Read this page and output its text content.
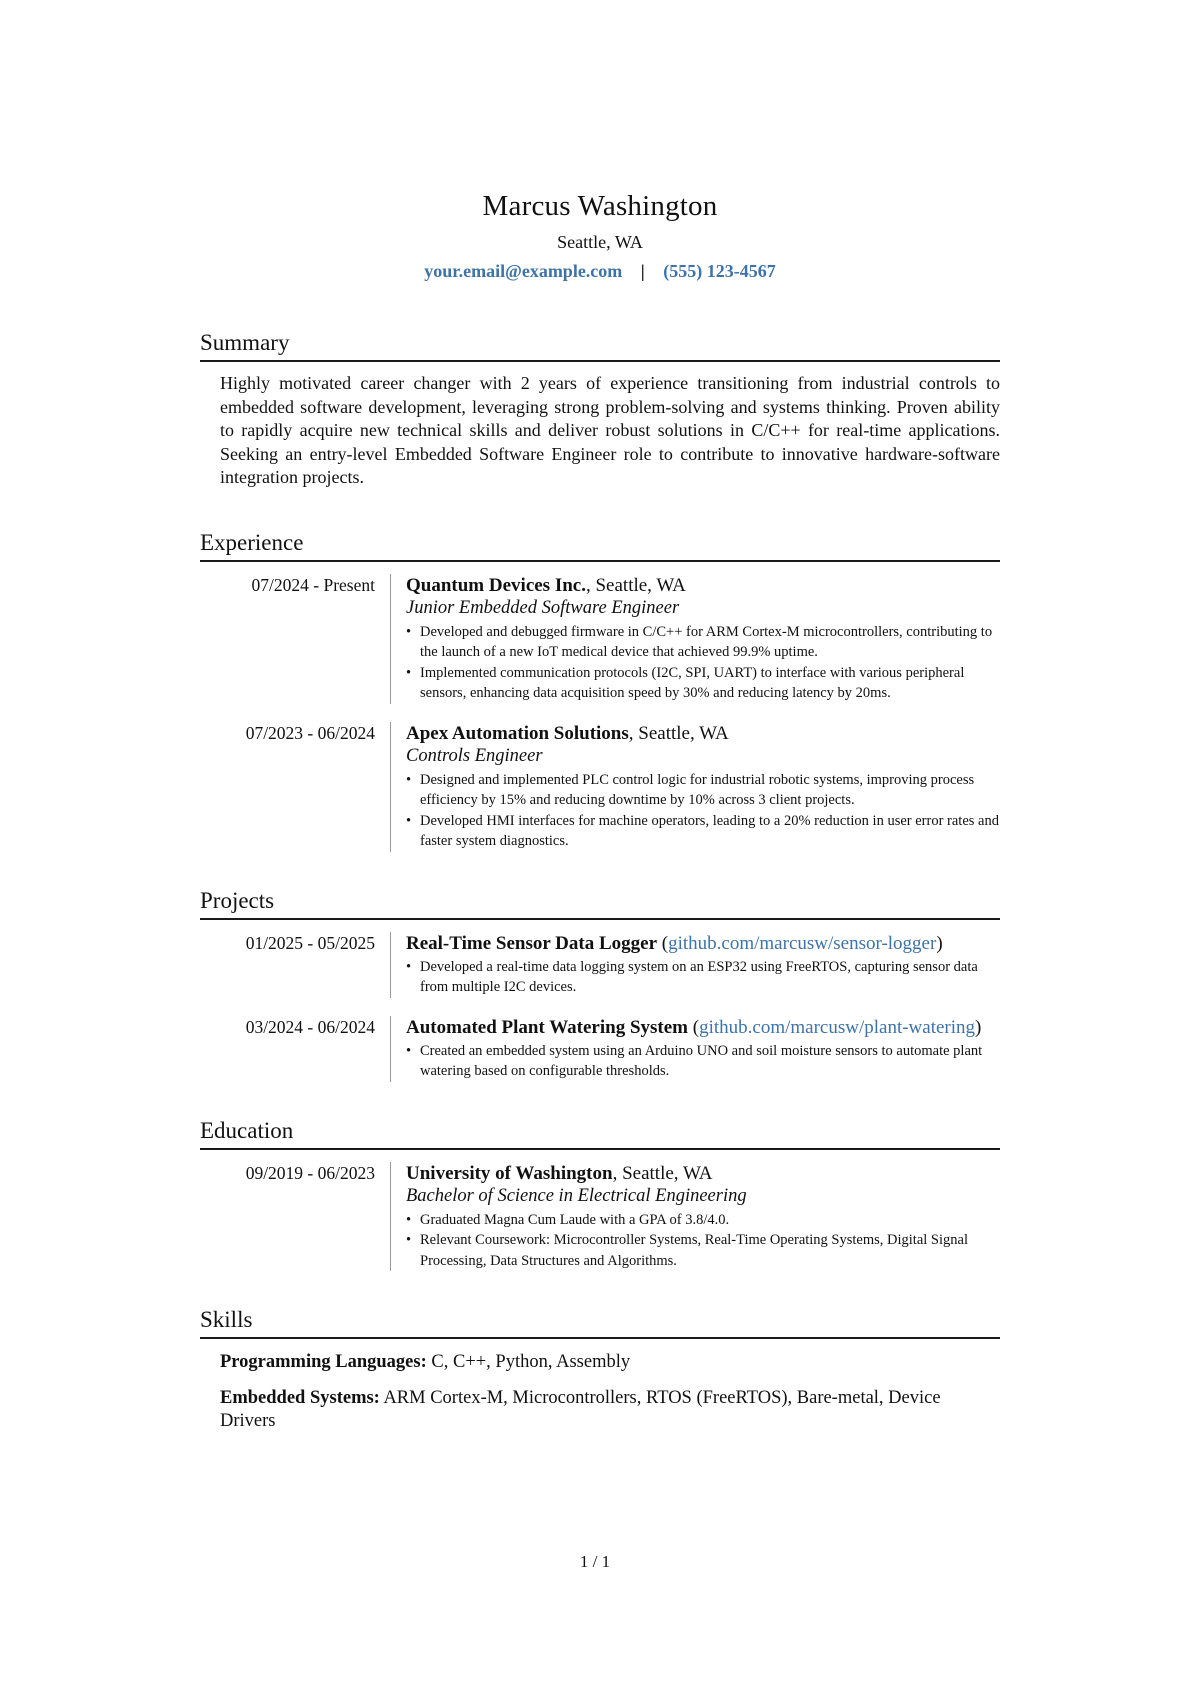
Marcus Washington
Seattle, WA
your.email@example.com | (555) 123-4567
Summary

Highly motivated career changer with 2 years of experience transitioning from industrial controls to embedded software development, leveraging strong problem-solving and systems thinking. Proven ability to rapidly acquire new technical skills and deliver robust solutions in C/C++ for real-time applications. Seeking an entry-level Embedded Software Engineer role to contribute to innovative hardware-software integration projects.

Experience
07/2024 - Present	Quantum Devices Inc., Seattle, WA
Junior Embedded Software Engineer
• Developed and debugged firmware in C/C++ for ARM Cortex-M microcontrollers, contributing to the launch of a new IoT medical device that achieved 99.9% uptime.
• Implemented communication protocols (I2C, SPI, UART) to interface with various peripheral sensors, enhancing data acquisition speed by 30% and reducing latency by 20ms.
07/2023 - 06/2024	Apex Automation Solutions, Seattle, WA
Controls Engineer
• Designed and implemented PLC control logic for industrial robotic systems, improving process efficiency by 15% and reducing downtime by 10% across 3 client projects.
• Developed HMI interfaces for machine operators, leading to a 20% reduction in user error rates and faster system diagnostics.
Projects
01/2025 - 05/2025	Real-Time Sensor Data Logger (github.com/marcusw/sensor-logger)
• Developed a real-time data logging system on an ESP32 using FreeRTOS, capturing sensor data from multiple I2C devices.
03/2024 - 06/2024	Automated Plant Watering System (github.com/marcusw/plant-watering)
• Created an embedded system using an Arduino UNO and soil moisture sensors to automate plant watering based on configurable thresholds.
Education
09/2019 - 06/2023	University of Washington, Seattle, WA
Bachelor of Science in Electrical Engineering
• Graduated Magna Cum Laude with a GPA of 3.8/4.0.
• Relevant Coursework: Microcontroller Systems, Real-Time Operating Systems, Digital Signal Processing, Data Structures and Algorithms.
Skills
Programming Languages: C, C++, Python, Assembly
Embedded Systems: ARM Cortex-M, Microcontrollers, RTOS (FreeRTOS), Bare-metal, Device Drivers
1 / 1
